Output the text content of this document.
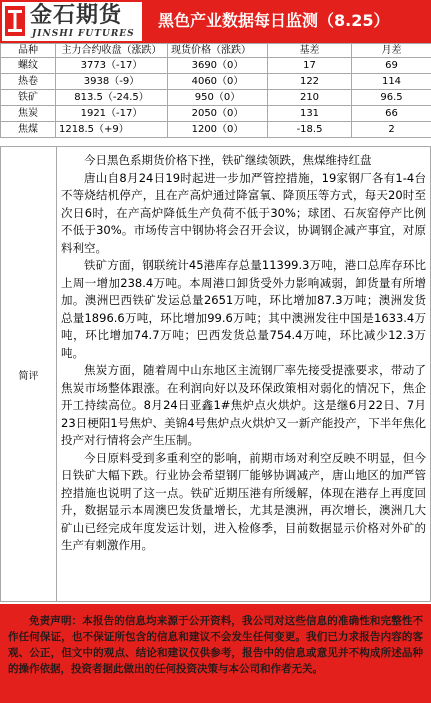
金石期货
JINSHI FUTURES
黑色产业数据每日监测（8.25）
品种	主力合约收盘（涨跌）	现货价格（涨跌）	基差	月差
螺纹	3773（-17）	3690（0）	17	69
热卷	3938（-9）	4060（0）	122	114
铁矿	813.5（-24.5）	950（0）	210	96.5
焦炭	1921（-17）	2050（0）	131	66
焦煤	1218.5（+9）	1200（0）	-18.5	2
简评

今日黑色系期货价格下挫，铁矿继续领跌，焦煤维持红盘

唐山自8月24日19时起进一步加严管控措施，19家钢厂各有1-4台不等烧结机停产，且在产高炉通过降富氧、降顶压等方式，每天20时至次日6时，在产高炉降低生产负荷不低于30%；球团、石灰窑停产比例不低于30%。市场传言中钢协将会召开会议，协调钢企减产事宜，对原料利空。

铁矿方面，钢联统计45港库存总量11399.3万吨，港口总库存环比上周一增加238.4万吨。本周港口卸货受外力影响减弱，卸货量有所增加。澳洲巴西铁矿发运总量2651万吨，环比增加87.3万吨；澳洲发货总量1896.6万吨，环比增加99.6万吨；其中澳洲发往中国是1633.4万吨，环比增加74.7万吨；巴西发货总量754.4万吨，环比减少12.3万吨。

焦炭方面，随着周中山东地区主流钢厂率先接受提涨要求，带动了焦炭市场整体跟涨。在利润向好以及环保政策相对弱化的情况下，焦企开工持续高位。8月24日亚鑫1#焦炉点火烘炉。这是继6月22日、7月23日梗阳1号焦炉、美锦4号焦炉点火烘炉又一新产能投产，下半年焦化投产对行情将会产生压制。

今日原料受到多重利空的影响，前期市场对利空反映不明显，但今日铁矿大幅下跌。行业协会希望钢厂能够协调减产，唐山地区的加严管控措施也说明了这一点。铁矿近期压港有所缓解，体现在港存上再度回升，数据显示本周澳巴发货量增长，尤其是澳洲，再次增长，澳洲几大矿山已经完成年度发运计划，进入检修季，目前数据显示价格对外矿的生产有刺激作用。

免责声明：本报告的信息均来源于公开资料，我公司对这些信息的准确性和完整性不作任何保证，也不保证所包含的信息和建议不会发生任何变更。我们已力求报告内容的客观、公正，但文中的观点、结论和建议仅供参考，报告中的信息或意见并不构成所述品种的操作依据，投资者据此做出的任何投资决策与本公司和作者无关。
